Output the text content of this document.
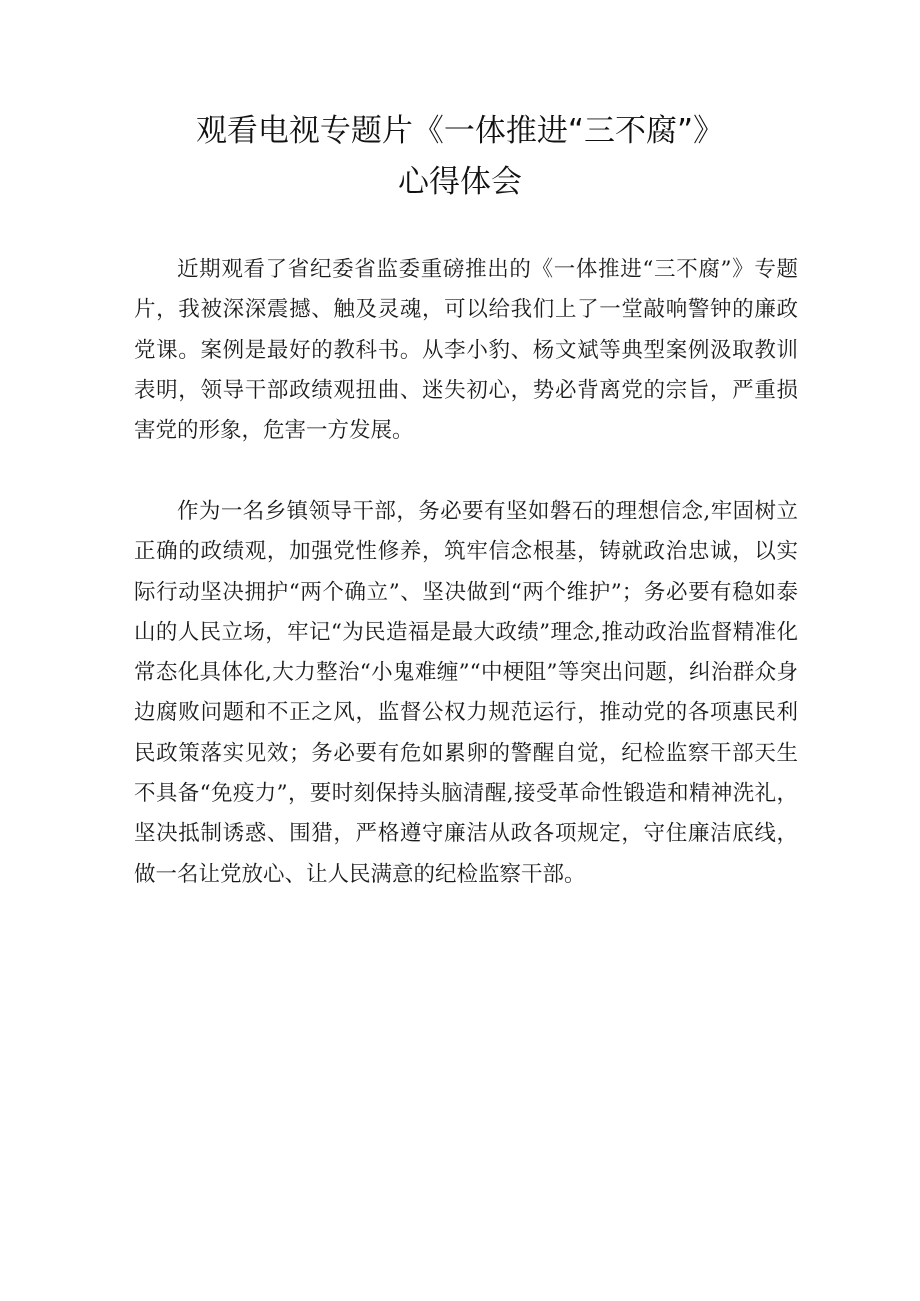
观看电视专题片《一体推进“三不腐”》
心得体会

近期观看了省纪委省监委重磅推出的《一体推进“三不腐”》专题片，我被深深震撼、触及灵魂，可以给我们上了一堂敲响警钟的廉政党课。案例是最好的教科书。从李小豹、杨文斌等典型案例汲取教训表明，领导干部政绩观扭曲、迷失初心，势必背离党的宗旨，严重损害党的形象，危害一方发展。

作为一名乡镇领导干部，务必要有坚如磐石的理想信念,牢固树立正确的政绩观，加强党性修养，筑牢信念根基，铸就政治忠诚，以实际行动坚决拥护“两个确立”、坚决做到“两个维护”；务必要有稳如泰山的人民立场，牢记“为民造福是最大政绩”理念,推动政治监督精准化常态化具体化,大力整治“小鬼难缠”“中梗阻”等突出问题，纠治群众身边腐败问题和不正之风，监督公权力规范运行，推动党的各项惠民利民政策落实见效；务必要有危如累卵的警醒自觉，纪检监察干部天生不具备“免疫力”，要时刻保持头脑清醒,接受革命性锻造和精神洗礼，坚决抵制诱惑、围猎，严格遵守廉洁从政各项规定，守住廉洁底线，做一名让党放心、让人民满意的纪检监察干部。
